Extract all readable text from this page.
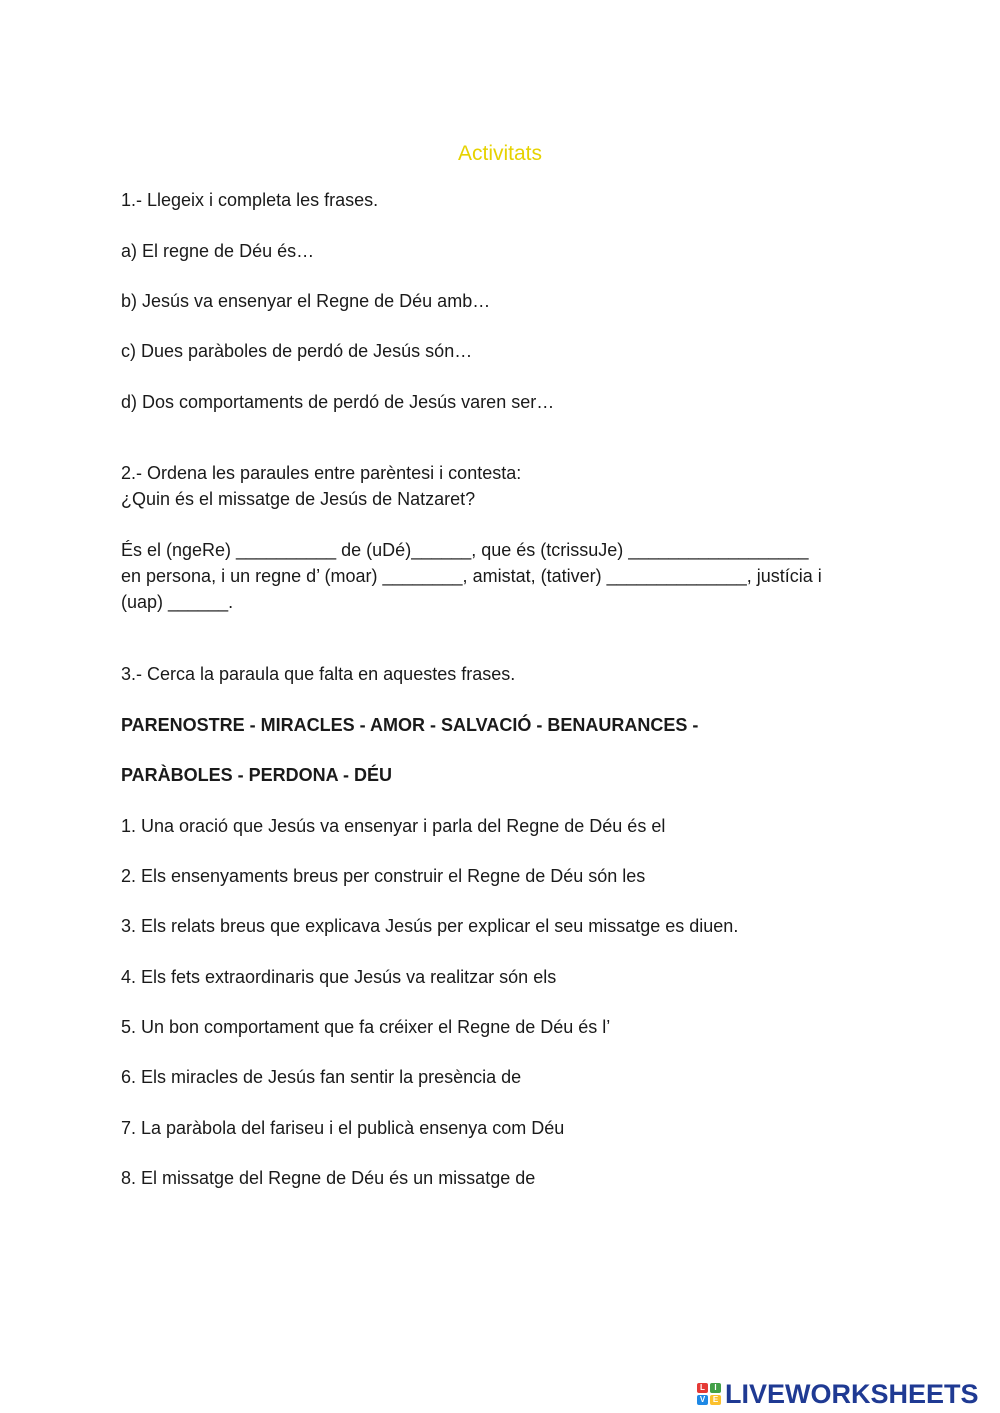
Activitats
1.- Llegeix i completa les frases.
a) El regne de Déu és…
b) Jesús va ensenyar el Regne de Déu amb…
c) Dues paràboles de perdó de Jesús són…
d) Dos comportaments de perdó de Jesús varen ser…
2.- Ordena les paraules entre parèntesi i contesta:
¿Quin és el missatge de Jesús de Natzaret?
És el (ngeRe) __________ de (uDé)______, que és (tcrissuJe) __________________
en persona, i un regne d’ (moar) ________, amistat, (tativer) ______________, justícia i
(uap) ______.
3.- Cerca la paraula que falta en aquestes frases.
PARENOSTRE - MIRACLES - AMOR - SALVACIÓ - BENAURANCES -
PARÀBOLES - PERDONA - DÉU
1. Una oració que Jesús va ensenyar i parla del Regne de Déu és el
2. Els ensenyaments breus per construir el Regne de Déu són les
3. Els relats breus que explicava Jesús per explicar el seu missatge es diuen.
4. Els fets extraordinaris que Jesús va realitzar són els
5. Un bon comportament que fa créixer el Regne de Déu és l’
6. Els miracles de Jesús fan sentir la presència de
7. La paràbola del fariseu i el publicà ensenya com Déu
8. El missatge del Regne de Déu és un missatge de
L	I
V E LIVEWORKSHEETS
